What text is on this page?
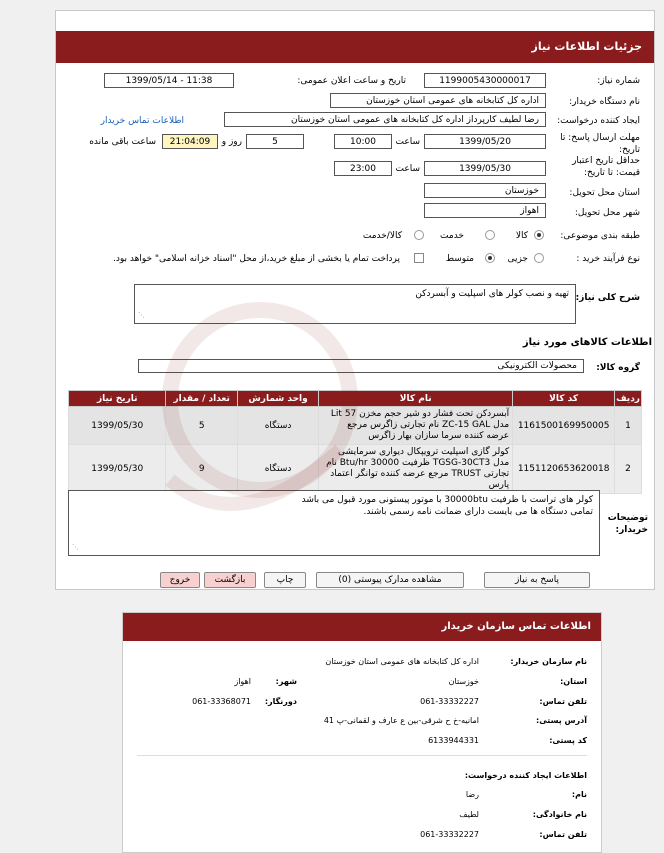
جزئیات اطلاعات نیاز
شماره نیاز:
1199005430000017
تاریخ و ساعت اعلان عمومی:
1399/05/14 - 11:38
نام دستگاه خریدار:
اداره کل کتابخانه های عمومی استان خوزستان
ایجاد کننده درخواست:
رضا لطیف کارپرداز اداره کل کتابخانه های عمومی استان خوزستان
اطلاعات تماس خریدار
مهلت ارسال پاسخ: تا تاریخ:
1399/05/20
ساعت
10:00
5
روز و
21:04:09
ساعت باقی مانده
حداقل تاریخ اعتبار قیمت: تا تاریخ:
1399/05/30
ساعت
23:00
استان محل تحویل:
خوزستان
شهر محل تحویل:
اهواز
طبقه بندی موضوعی:
کالا
خدمت
کالا/خدمت
نوع فرآیند خرید :
جزیی
متوسط
پرداخت تمام یا بخشی از مبلغ خرید،از محل "اسناد خزانه اسلامی" خواهد بود.
شرح کلی نیاز:
تهیه و نصب کولر های اسپلیت و آبسردکن
⋰
اطلاعات کالاهای مورد نیاز
گروه کالا:
محصولات الکترونیکی
ردیف	کد کالا	نام کالا	واحد شمارش	تعداد / مقدار	تاریخ نیاز
1	1161500169950005	آبسردکن تحت فشار دو شیر حجم مخزن 57 Lit مدل ZC-15 GAL نام تجارتی زاگرس مرجع عرضه کننده سرما سازان بهار زاگرس	دستگاه	5	1399/05/30
2	1151120653620018	کولر گازی اسپلیت ترویپکال دیواری سرمایشی مدل TGSG-30CT3 ظرفیت 30000 Btu/hr نام تجارتی TRUST مرجع عرضه کننده توانگر اعتماد پارس	دستگاه	9	1399/05/30
توضیحات خریدار:
کولر های تراست با ظرفیت 30000btu با موتور پیستونی مورد قبول می باشد
تمامی دستگاه ها می بایست دارای ضمانت نامه رسمی باشند.
⋰
پاسخ به نیاز
مشاهده مدارک پیوستی (0)
چاپ
بازگشت
خروج
اطلاعات تماس سازمان خریدار
نام سازمان خریدار:
اداره کل کتابخانه های عمومی استان خوزستان
استان:
خوزستان
شهر:
اهواز
تلفن تماس:
061-33332227
دورنگار:
061-33368071
آدرس پستی:
امانیه-خ ح شرقی-بین ع عارف و لقمانی-پ 41
کد پستی:
6133944331
اطلاعات ایجاد کننده درخواست:
نام:
رضا
نام خانوادگی:
لطیف
تلفن تماس:
061-33332227
